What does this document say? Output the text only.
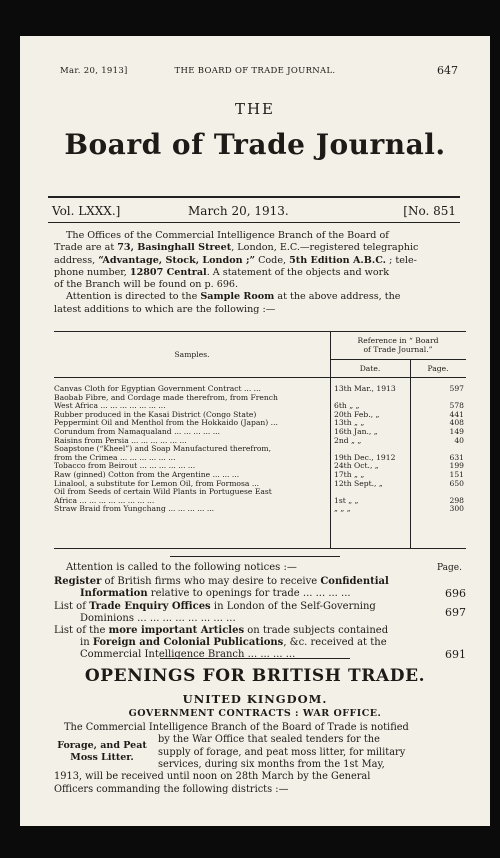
Mar. 20, 1913]	THE BOARD OF TRADE JOURNAL.	647
THE
Board of Trade Journal.
Vol. LXXX.]	March 20, 1913.	[No. 851
The Offices of the Commercial Intelligence Branch of the Board of
Trade are at 73, Basinghall Street, London, E.C.—registered telegraphic
address, “Advantage, Stock, London ;” Code, 5th Edition A.B.C. ; tele-
phone number, 12807 Central. A statement of the objects and work
of the Branch will be found on p. 696.
Attention is directed to the Sample Room at the above address, the
latest additions to which are the following :—
Samples.
Reference in “ Board
of Trade Journal.”
Date.	Page.
Canvas Cloth for Egyptian Government Contract ... ...	13th Mar., 1913	597
Baobab Fibre, and Cordage made therefrom, from French
West Africa ... ... ... ... ... ... ...	6th „ „	578
Rubber produced in the Kasai District (Congo State)	20th Feb., „	441
Peppermint Oil and Menthol from the Hokkaido (Japan) ...	13th „ „	408
Corundum from Namaqualand ... ... ... ... ...	16th Jan., „	149
Raisins from Persia ... ... ... ... ... ...	2nd „ „	40
Soapstone (“Kheel”) and Soap Manufactured therefrom,
from the Crimea ... ... ... ... ... ...	19th Dec., 1912	631
Tobacco from Beirout ... ... ... ... ... ...	24th Oct., „	199
Raw (ginned) Cotton from the Argentine ... ... ...	17th „ „	151
Linalool, a substitute for Lemon Oil, from Formosa ...	12th Sept., „	650
Oil from Seeds of certain Wild Plants in Portuguese East
Africa ... ... ... ... ... ... ... ...	1st „ „	298
Straw Braid from Yungchang ... ... ... ... ...	„ „ „	300
Attention is called to the following notices :—	Page.
Register of British firms who may desire to receive Confidential
Information relative to openings for trade ... ... ... ...	696
List of Trade Enquiry Offices in London of the Self-Governing
Dominions ... ... ... ... ... ... ... ...	697
List of the more important Articles on trade subjects contained
in Foreign and Colonial Publications, &c. received at the
Commercial Intelligence Branch ... ... ... ...	691
OPENINGS FOR BRITISH TRADE.
UNITED KINGDOM.
GOVERNMENT CONTRACTS : WAR OFFICE.
The Commercial Intelligence Branch of the Board of Trade is notified
Forage, and Peat
Moss Litter.
by the War Office that sealed tenders for the
supply of forage, and peat moss litter, for military
services, during six months from the 1st May,
1913, will be received until noon on 28th March by the General
Officers commanding the following districts :—
